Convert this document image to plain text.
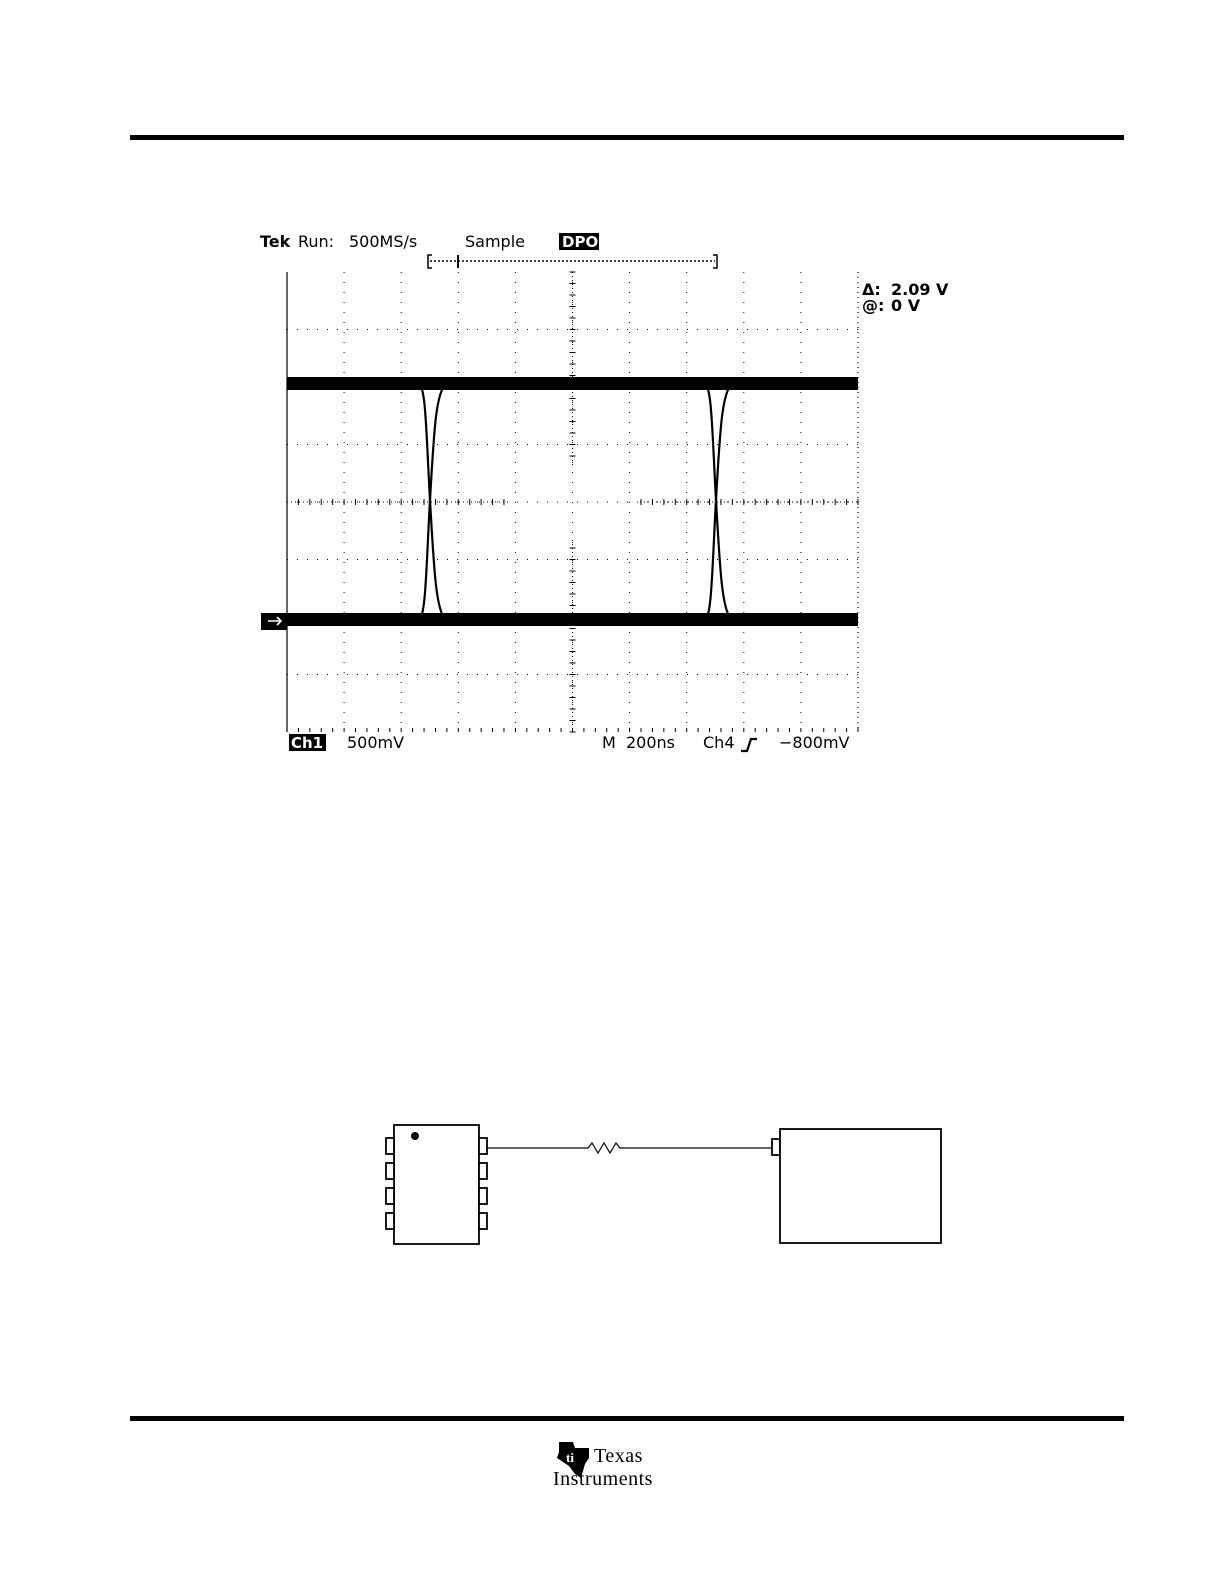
Tek Run: 500MS/s	Sample DPO
Δ: 2.09 V
@: 0 V
Ch1 500mV	M  200ns Ch4	−800mV
ti Texas
Instruments
